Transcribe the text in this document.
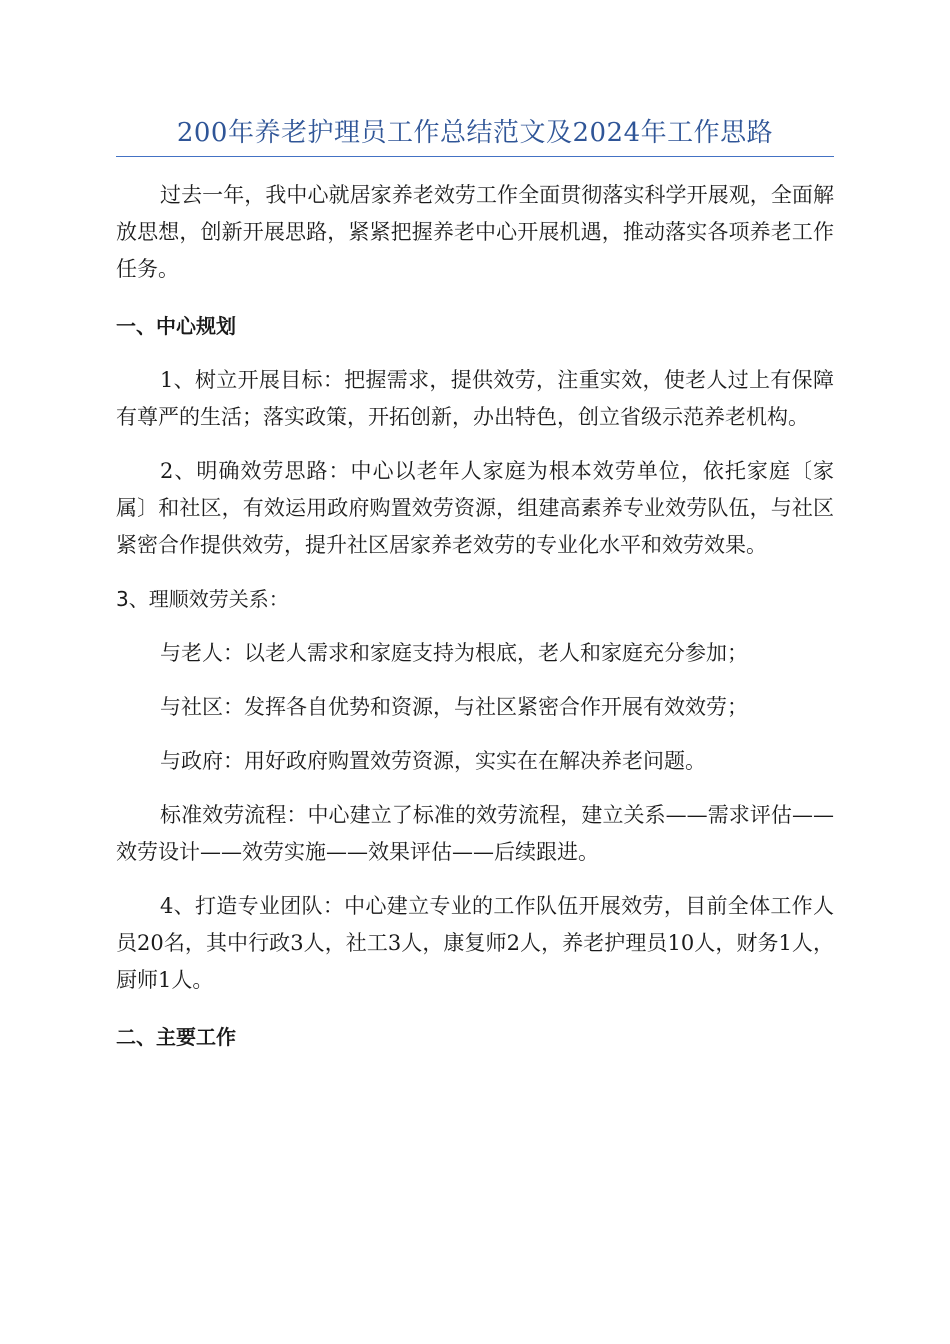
200年养老护理员工作总结范文及2024年工作思路

过去一年，我中心就居家养老效劳工作全面贯彻落实科学开展观，全面解放思想，创新开展思路，紧紧把握养老中心开展机遇，推动落实各项养老工作任务。

一、中心规划

1、树立开展目标：把握需求，提供效劳，注重实效，使老人过上有保障有尊严的生活；落实政策，开拓创新，办出特色，创立省级示范养老机构。

2、明确效劳思路：中心以老年人家庭为根本效劳单位，依托家庭〔家属〕和社区，有效运用政府购置效劳资源，组建高素养专业效劳队伍，与社区紧密合作提供效劳，提升社区居家养老效劳的专业化水平和效劳效果。

3、理顺效劳关系：

与老人：以老人需求和家庭支持为根底，老人和家庭充分参加；

与社区：发挥各自优势和资源，与社区紧密合作开展有效效劳；

与政府：用好政府购置效劳资源，实实在在解决养老问题。

标准效劳流程：中心建立了标准的效劳流程，建立关系——需求评估——效劳设计——效劳实施——效果评估——后续跟进。

4、打造专业团队：中心建立专业的工作队伍开展效劳，目前全体工作人员20名，其中行政3人，社工3人，康复师2人，养老护理员10人，财务1人，厨师1人。

二、主要工作
